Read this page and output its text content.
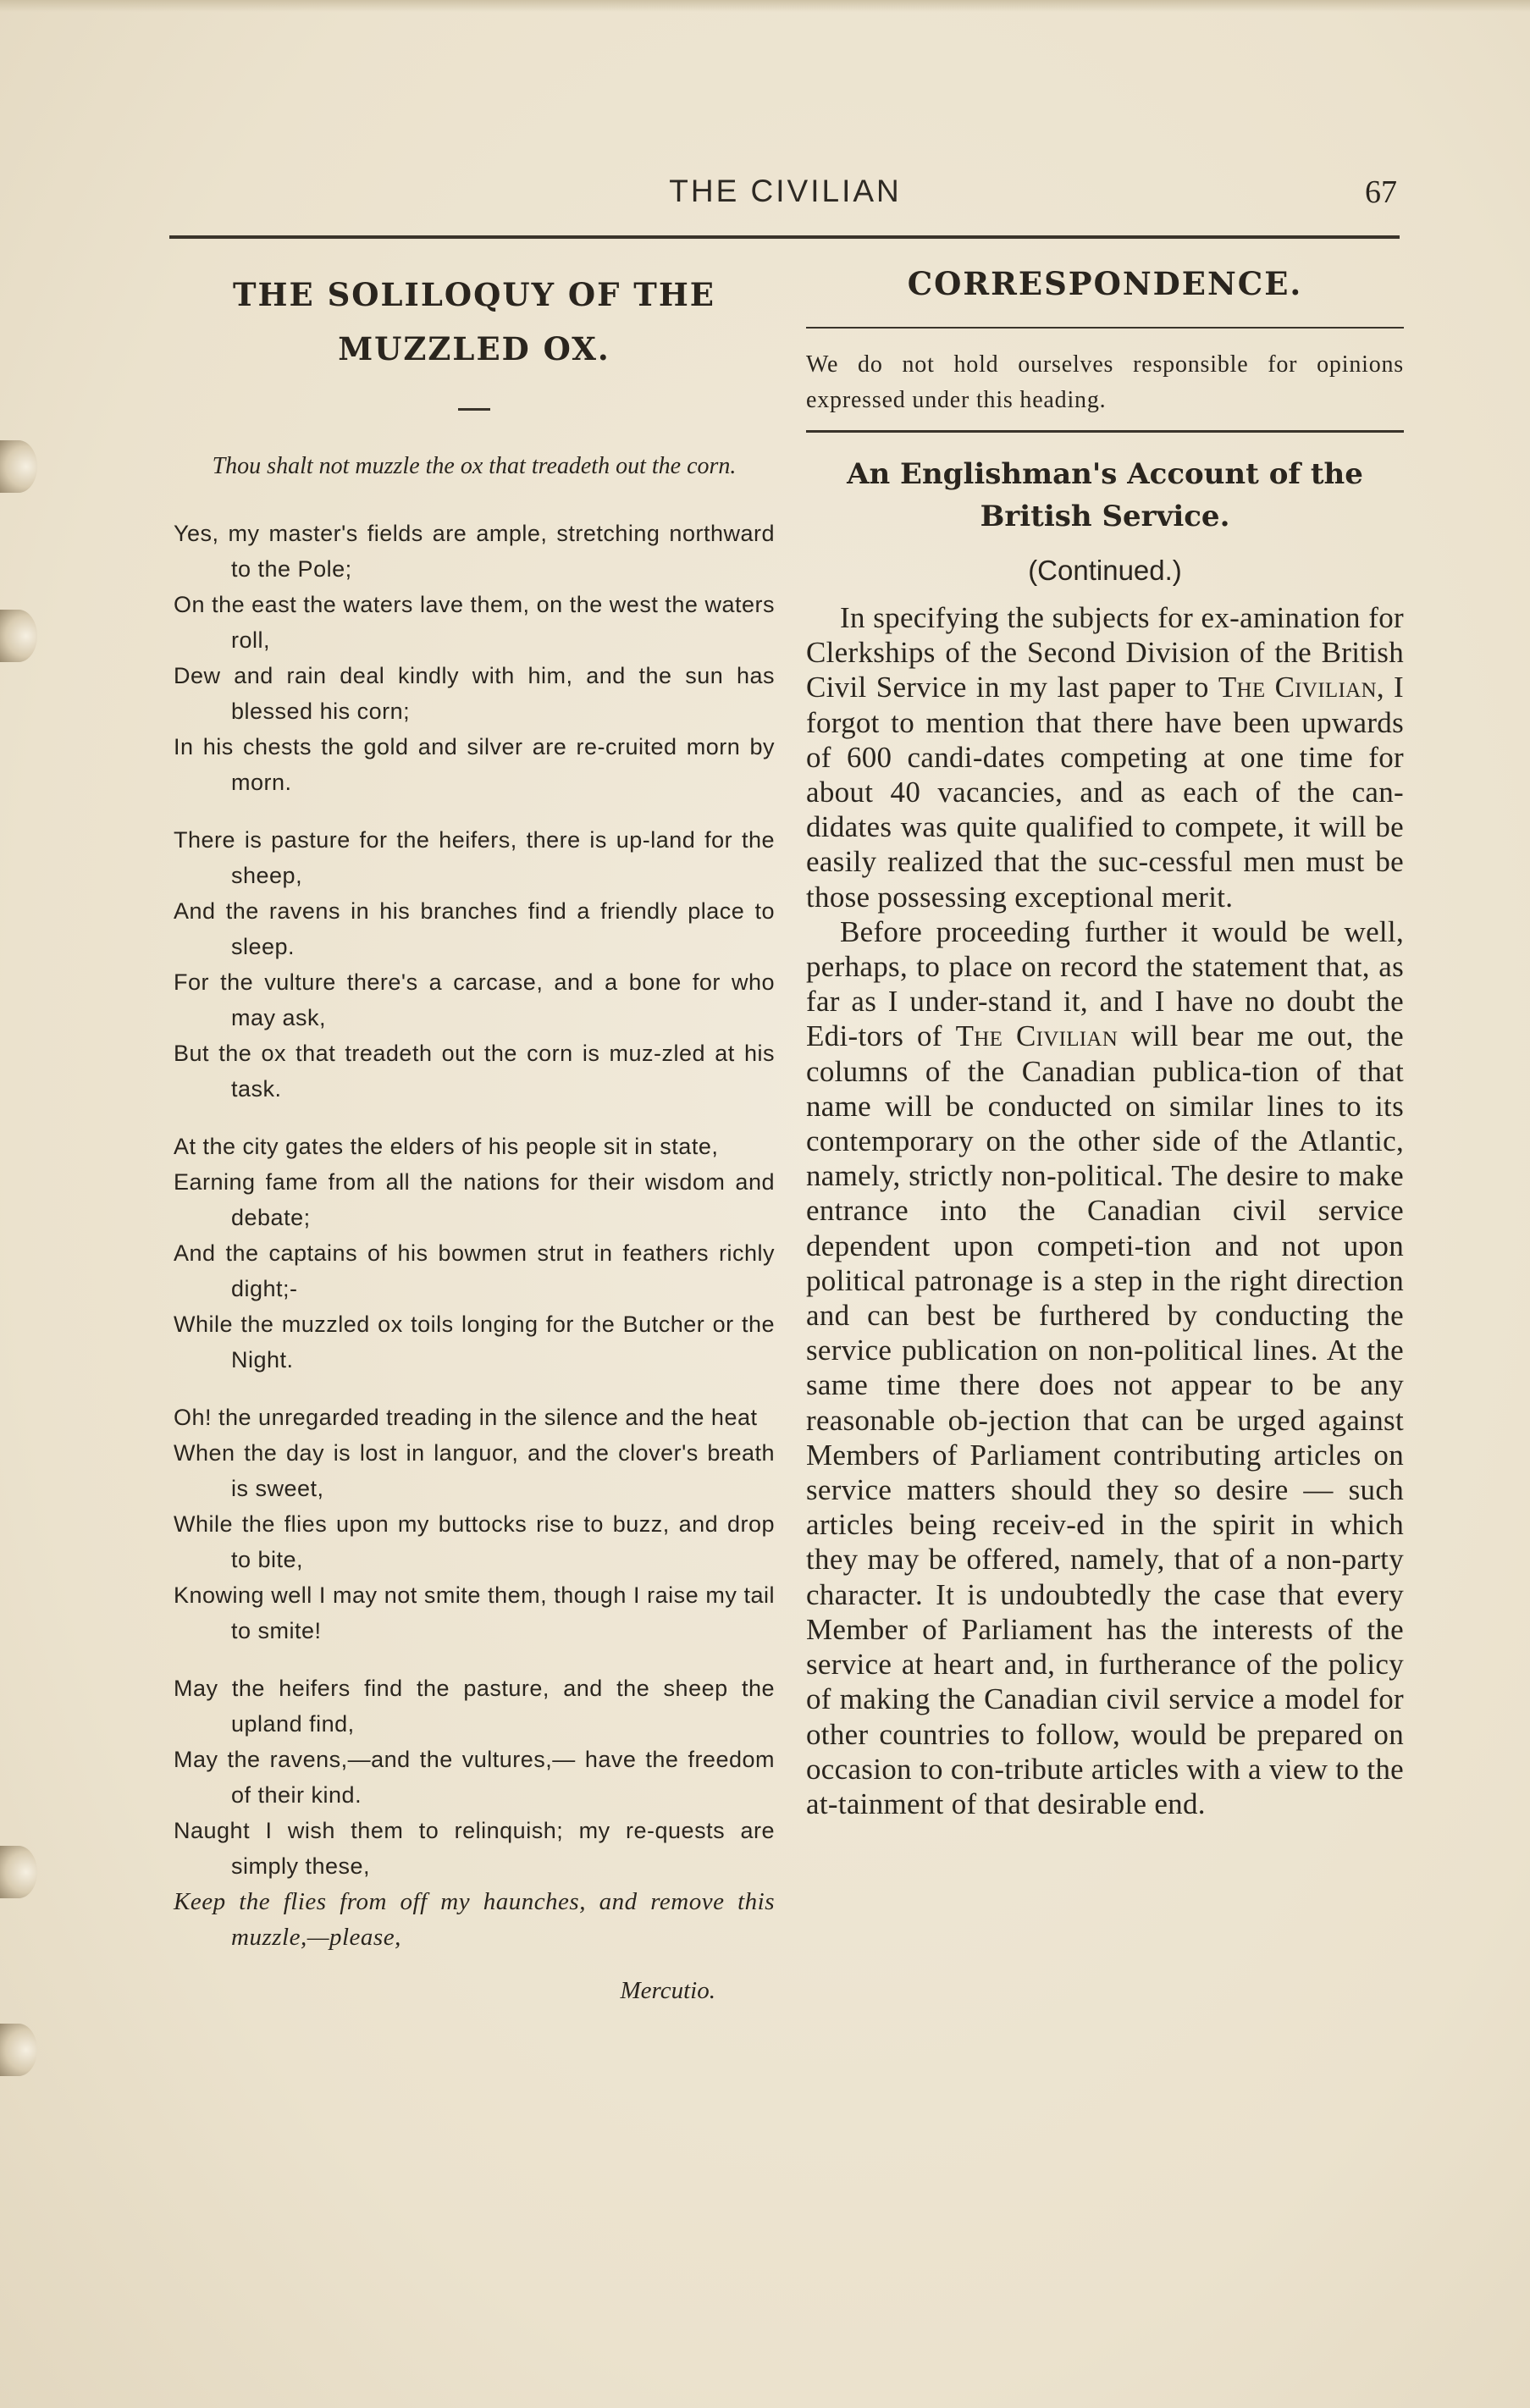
THE CIVILIAN	67
THE SOLILOQUY OF THE
MUZZLED OX.
Thou shalt not muzzle the ox that treadeth out the corn.
Yes, my master's fields are ample, stretching northward to the Pole;
On the east the waters lave them, on the west the waters roll,
Dew and rain deal kindly with him, and the sun has blessed his corn;
In his chests the gold and silver are re-cruited morn by morn.
There is pasture for the heifers, there is up-land for the sheep,
And the ravens in his branches find a friendly place to sleep.
For the vulture there's a carcase, and a bone for who may ask,
But the ox that treadeth out the corn is muz-zled at his task.
At the city gates the elders of his people sit in state,
Earning fame from all the nations for their wisdom and debate;
And the captains of his bowmen strut in feathers richly dight;-
While the muzzled ox toils longing for the Butcher or the Night.
Oh! the unregarded treading in the silence and the heat
When the day is lost in languor, and the clover's breath is sweet,
While the flies upon my buttocks rise to buzz, and drop to bite,
Knowing well I may not smite them, though I raise my tail to smite!
May the heifers find the pasture, and the sheep the upland find,
May the ravens,—and the vultures,— have the freedom of their kind.
Naught I wish them to relinquish; my re-quests are simply these,
Keep the flies from off my haunches, and remove this muzzle,—please,
Mercutio.
CORRESPONDENCE.
We do not hold ourselves responsible for opinions expressed under this heading.
An Englishman's Account of the
British Service.
(Continued.)

In specifying the subjects for ex-amination for Clerkships of the Second Division of the British Civil Service in my last paper to The Civilian, I forgot to mention that there have been upwards of 600 candi-dates competing at one time for about 40 vacancies, and as each of the can-didates was quite qualified to compete, it will be easily realized that the suc-cessful men must be those possessing exceptional merit.

Before proceeding further it would be well, perhaps, to place on record the statement that, as far as I under-stand it, and I have no doubt the Edi-tors of The Civilian will bear me out, the columns of the Canadian publica-tion of that name will be conducted on similar lines to its contemporary on the other side of the Atlantic, namely, strictly non-political. The desire to make entrance into the Canadian civil service dependent upon competi-tion and not upon political patronage is a step in the right direction and can best be furthered by conducting the service publication on non-political lines. At the same time there does not appear to be any reasonable ob-jection that can be urged against Members of Parliament contributing articles on service matters should they so desire — such articles being receiv-ed in the spirit in which they may be offered, namely, that of a non-party character. It is undoubtedly the case that every Member of Parliament has the interests of the service at heart and, in furtherance of the policy of making the Canadian civil service a model for other countries to follow, would be prepared on occasion to con-tribute articles with a view to the at-tainment of that desirable end.
